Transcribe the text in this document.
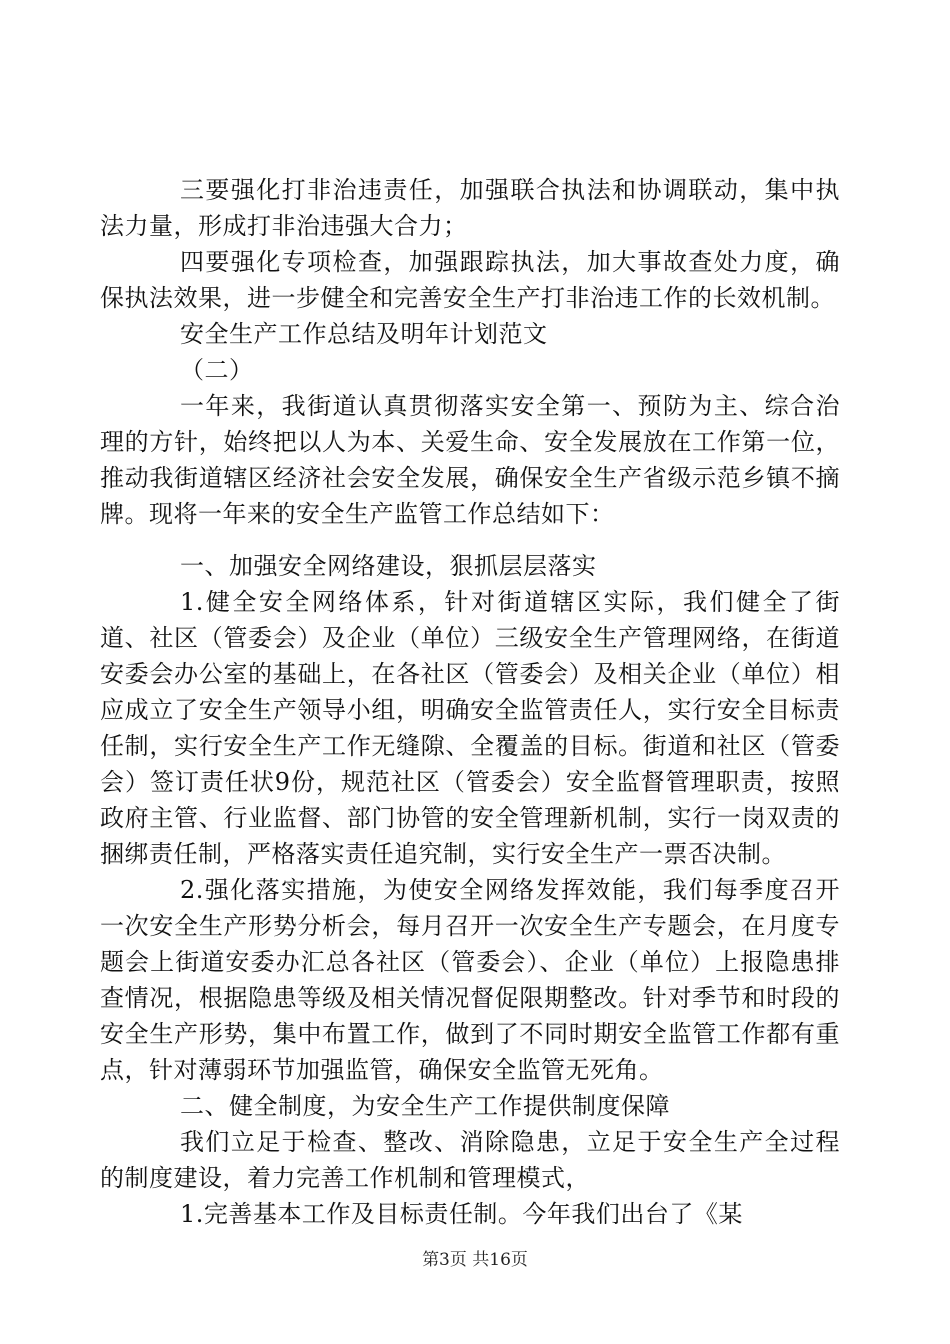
三要强化打非治违责任，加强联合执法和协调联动，集中执法力量，形成打非治违强大合力；

四要强化专项检查，加强跟踪执法，加大事故查处力度，确保执法效果，进一步健全和完善安全生产打非治违工作的长效机制。

安全生产工作总结及明年计划范文

（二）

一年来，我街道认真贯彻落实安全第一、预防为主、综合治理的方针，始终把以人为本、关爱生命、安全发展放在工作第一位，推动我街道辖区经济社会安全发展，确保安全生产省级示范乡镇不摘牌。现将一年来的安全生产监管工作总结如下：

一、加强安全网络建设，狠抓层层落实

1.健全安全网络体系，针对街道辖区实际，我们健全了街道、社区（管委会）及企业（单位）三级安全生产管理网络，在街道安委会办公室的基础上，在各社区（管委会）及相关企业（单位）相应成立了安全生产领导小组，明确安全监管责任人，实行安全目标责任制，实行安全生产工作无缝隙、全覆盖的目标。街道和社区（管委会）签订责任状9份，规范社区（管委会）安全监督管理职责，按照政府主管、行业监督、部门协管的安全管理新机制，实行一岗双责的捆绑责任制，严格落实责任追究制，实行安全生产一票否决制。

2.强化落实措施，为使安全网络发挥效能，我们每季度召开一次安全生产形势分析会，每月召开一次安全生产专题会，在月度专题会上街道安委办汇总各社区（管委会）、企业（单位）上报隐患排查情况，根据隐患等级及相关情况督促限期整改。针对季节和时段的安全生产形势，集中布置工作，做到了不同时期安全监管工作都有重点，针对薄弱环节加强监管，确保安全监管无死角。

二、健全制度，为安全生产工作提供制度保障

我们立足于检查、整改、消除隐患，立足于安全生产全过程的制度建设，着力完善工作机制和管理模式，

1.完善基本工作及目标责任制。今年我们出台了《某

第3页 共16页
